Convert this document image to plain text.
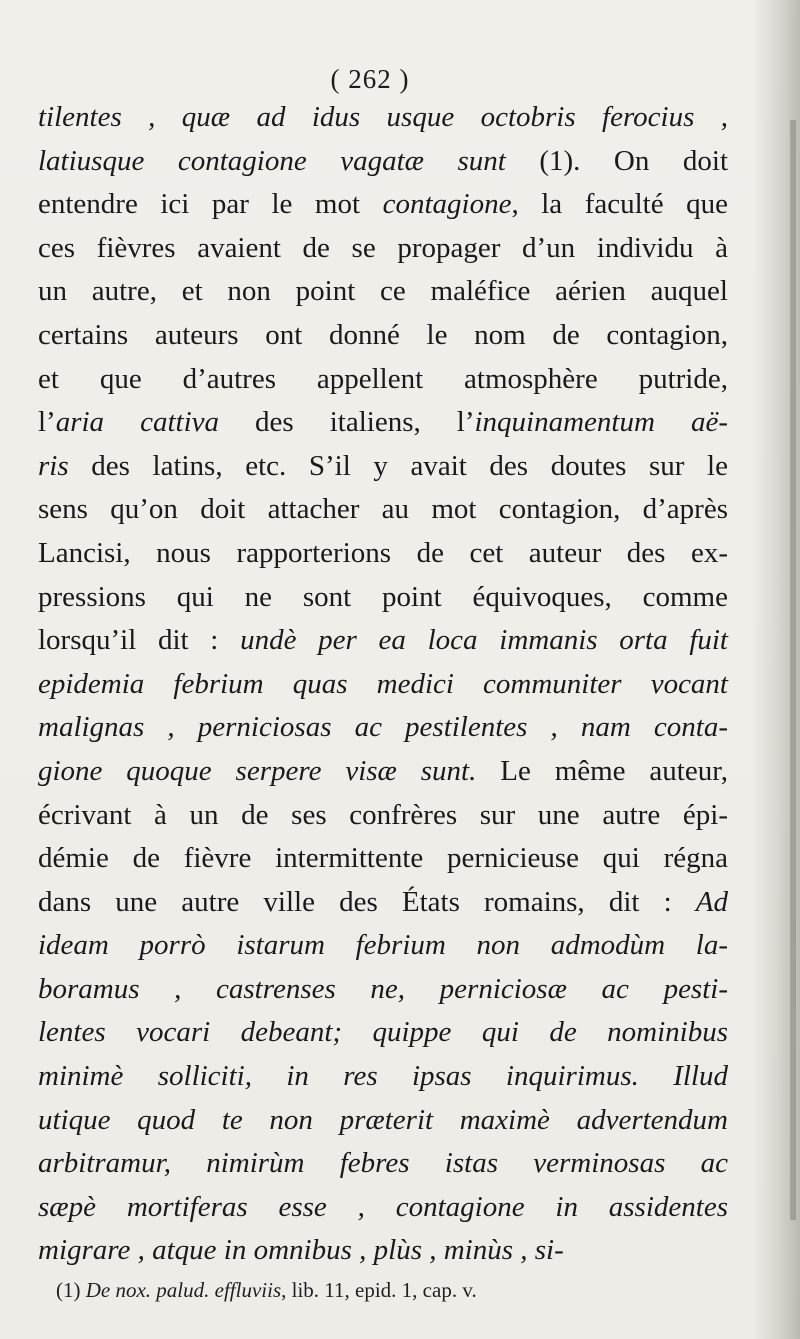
( 262 )
tilentes , quæ ad idus usque octobris ferocius ,
latiusque contagione vagatæ sunt (1). On doit
entendre ici par le mot contagione, la faculté que
ces fièvres avaient de se propager d’un individu à
un autre, et non point ce maléfice aérien auquel
certains auteurs ont donné le nom de contagion,
et que d’autres appellent atmosphère putride,
l’aria cattiva des italiens, l’inquinamentum aë-
ris des latins, etc. S’il y avait des doutes sur le
sens qu’on doit attacher au mot contagion, d’après
Lancisi, nous rapporterions de cet auteur des ex-
pressions qui ne sont point équivoques, comme
lorsqu’il dit : undè per ea loca immanis orta fuit
epidemia febrium quas medici communiter vocant
malignas , perniciosas ac pestilentes , nam conta-
gione quoque serpere visæ sunt. Le même auteur,
écrivant à un de ses confrères sur une autre épi-
démie de fièvre intermittente pernicieuse qui régna
dans une autre ville des États romains, dit : Ad
ideam porrò istarum febrium non admodùm la-
boramus , castrenses ne, perniciosæ ac pesti-
lentes vocari debeant; quippe qui de nominibus
minimè solliciti, in res ipsas inquirimus. Illud
utique quod te non præterit maximè advertendum
arbitramur, nimirùm febres istas verminosas ac
sæpè mortiferas esse , contagione in assidentes
migrare , atque in omnibus , plùs , minùs , si-
(1) De nox. palud. effluviis, lib. 11, epid. 1, cap. v.
